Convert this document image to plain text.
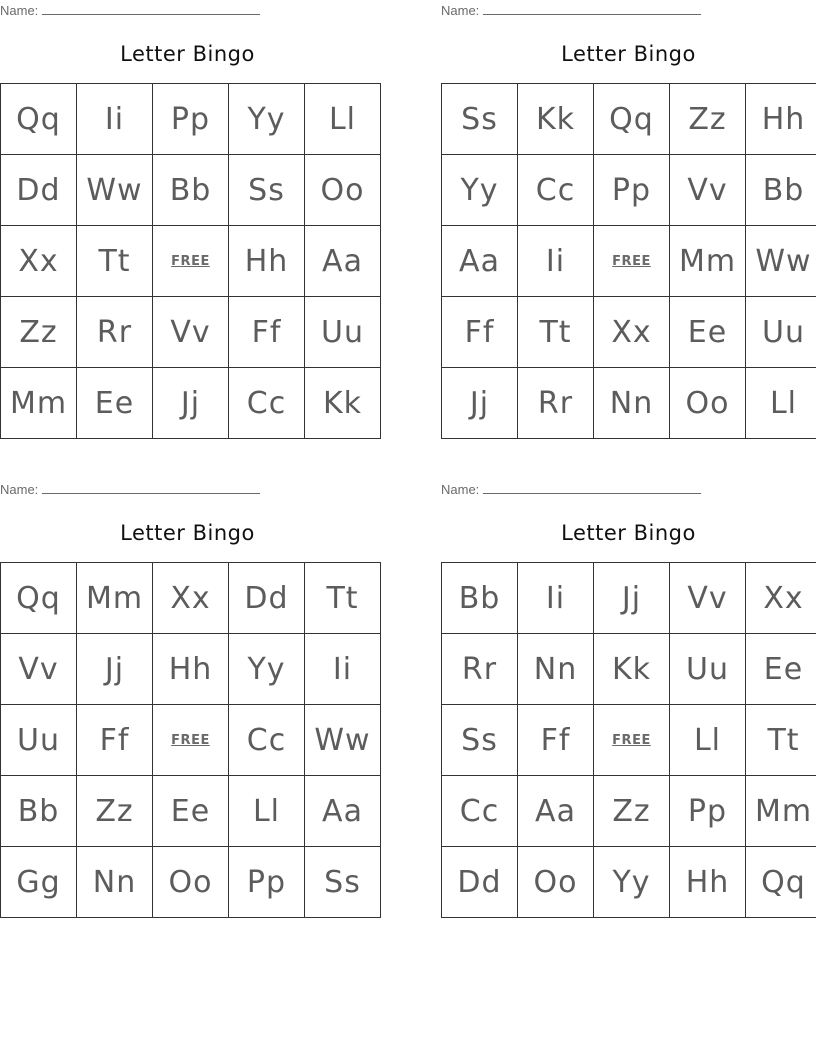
Name:
Letter Bingo
Qq	Ii	Pp	Yy	Ll
Dd	Ww	Bb	Ss	Oo
Xx	Tt	FREE	Hh	Aa
Zz	Rr	Vv	Ff	Uu
Mm	Ee	Jj	Cc	Kk
Name:
Letter Bingo
Ss	Kk	Qq	Zz	Hh
Yy	Cc	Pp	Vv	Bb
Aa	Ii	FREE	Mm	Ww
Ff	Tt	Xx	Ee	Uu
Jj	Rr	Nn	Oo	Ll
Name:
Letter Bingo
Qq	Mm	Xx	Dd	Tt
Vv	Jj	Hh	Yy	Ii
Uu	Ff	FREE	Cc	Ww
Bb	Zz	Ee	Ll	Aa
Gg	Nn	Oo	Pp	Ss
Name:
Letter Bingo
Bb	Ii	Jj	Vv	Xx
Rr	Nn	Kk	Uu	Ee
Ss	Ff	FREE	Ll	Tt
Cc	Aa	Zz	Pp	Mm
Dd	Oo	Yy	Hh	Qq
